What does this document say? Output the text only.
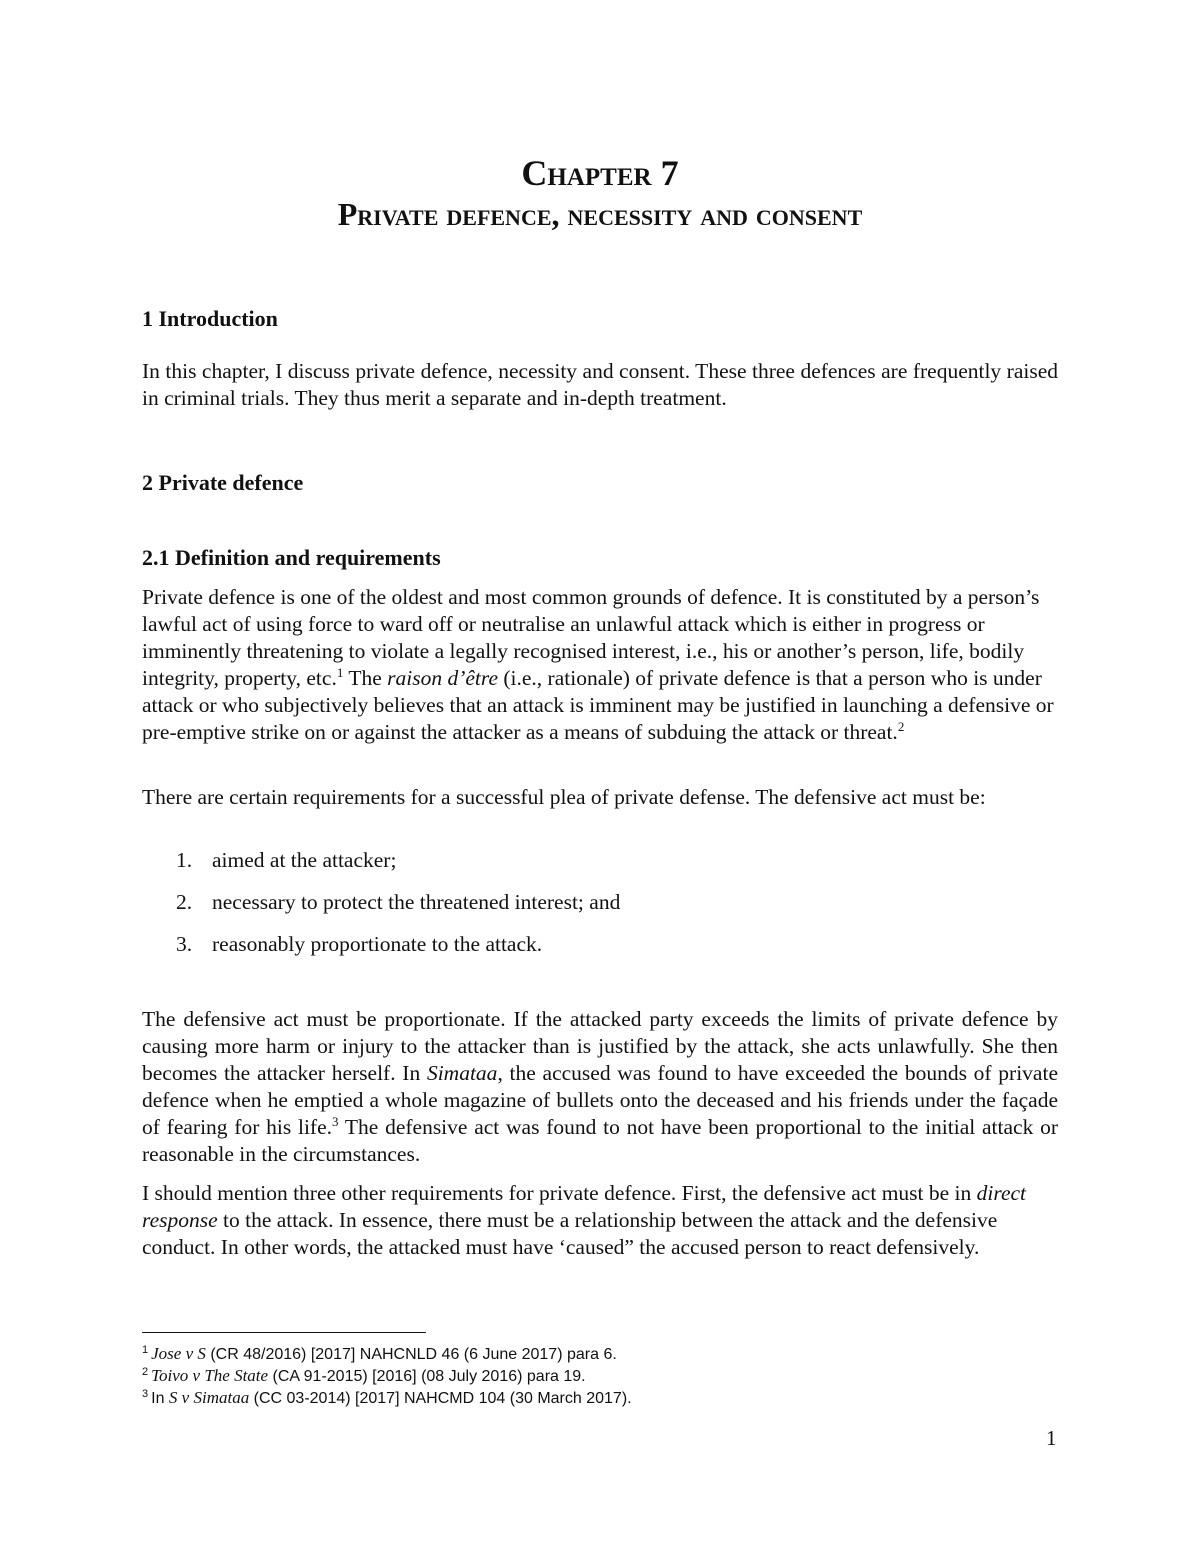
Chapter 7
Private defence, necessity and consent
1 Introduction

In this chapter, I discuss private defence, necessity and consent. These three defences are frequently raised in criminal trials. They thus merit a separate and in-depth treatment.

2 Private defence
2.1 Definition and requirements

Private defence is one of the oldest and most common grounds of defence. It is constituted by a person’s lawful act of using force to ward off or neutralise an unlawful attack which is either in progress or imminently threatening to violate a legally recognised interest, i.e., his or another’s person, life, bodily integrity, property, etc.$^1$ The raison d’être (i.e., rationale) of private defence is that a person who is under attack or who subjectively believes that an attack is imminent may be justified in launching a defensive or pre-emptive strike on or against the attacker as a means of subduing the attack or threat.$^2$

There are certain requirements for a successful plea of private defense. The defensive act must be:

1. aimed at the attacker;
2. necessary to protect the threatened interest; and
3. reasonably proportionate to the attack.

The defensive act must be proportionate. If the attacked party exceeds the limits of private defence by causing more harm or injury to the attacker than is justified by the attack, she acts unlawfully. She then becomes the attacker herself. In Simataa, the accused was found to have exceeded the bounds of private defence when he emptied a whole magazine of bullets onto the deceased and his friends under the façade of fearing for his life.$^3$ The defensive act was found to not have been proportional to the initial attack or reasonable in the circumstances.

I should mention three other requirements for private defence. First, the defensive act must be in direct response to the attack. In essence, there must be a relationship between the attack and the defensive conduct. In other words, the attacked must have ‘caused” the accused person to react defensively.

$^1$ Jose v S (CR 48/2016) [2017] NAHCNLD 46 (6 June 2017) para 6.
$^2$ Toivo v The State (CA 91-2015) [2016] (08 July 2016) para 19.
$^3$ In S v Simataa (CC 03-2014) [2017] NAHCMD 104 (30 March 2017).

1
